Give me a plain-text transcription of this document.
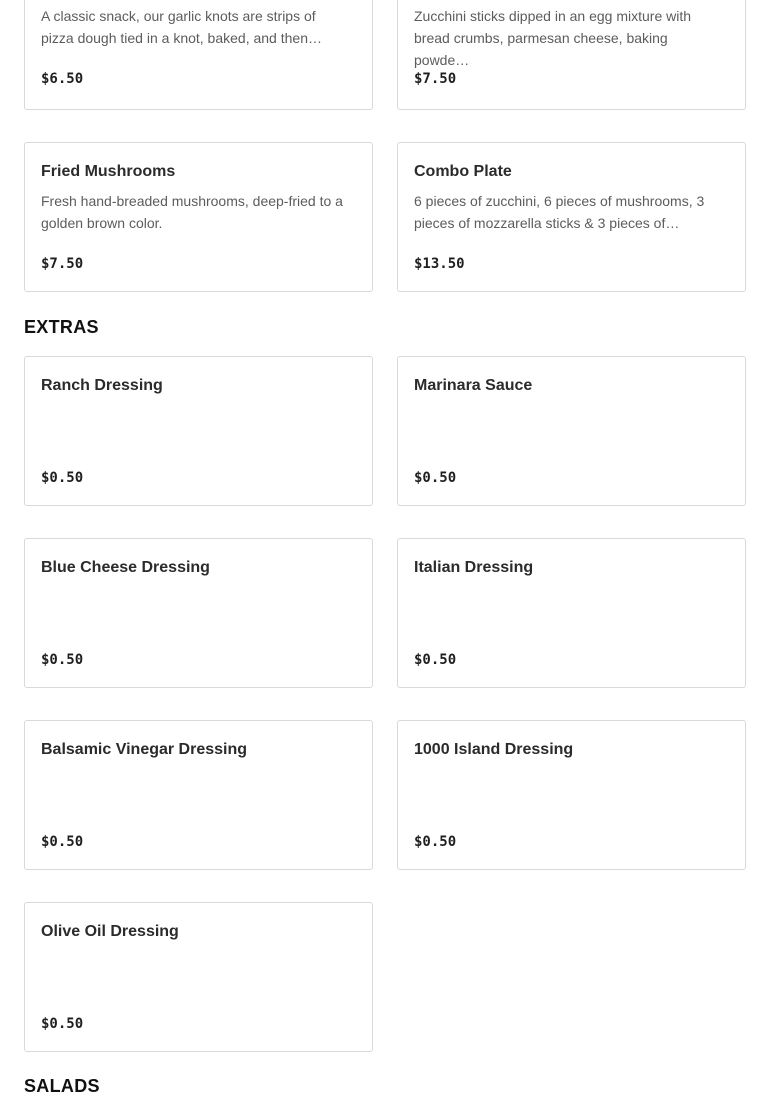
A classic snack, our garlic knots are strips of pizza dough tied in a knot, baked, and then…
$6.50
Zucchini sticks dipped in an egg mixture with bread crumbs, parmesan cheese, baking powde…
$7.50
Fried Mushrooms
Fresh hand-breaded mushrooms, deep-fried to a golden brown color.
$7.50
Combo Plate
6 pieces of zucchini, 6 pieces of mushrooms, 3 pieces of mozzarella sticks & 3 pieces of…
$13.50
EXTRAS
Ranch Dressing
$0.50
Marinara Sauce
$0.50
Blue Cheese Dressing
$0.50
Italian Dressing
$0.50
Balsamic Vinegar Dressing
$0.50
1000 Island Dressing
$0.50
Olive Oil Dressing
$0.50
SALADS
